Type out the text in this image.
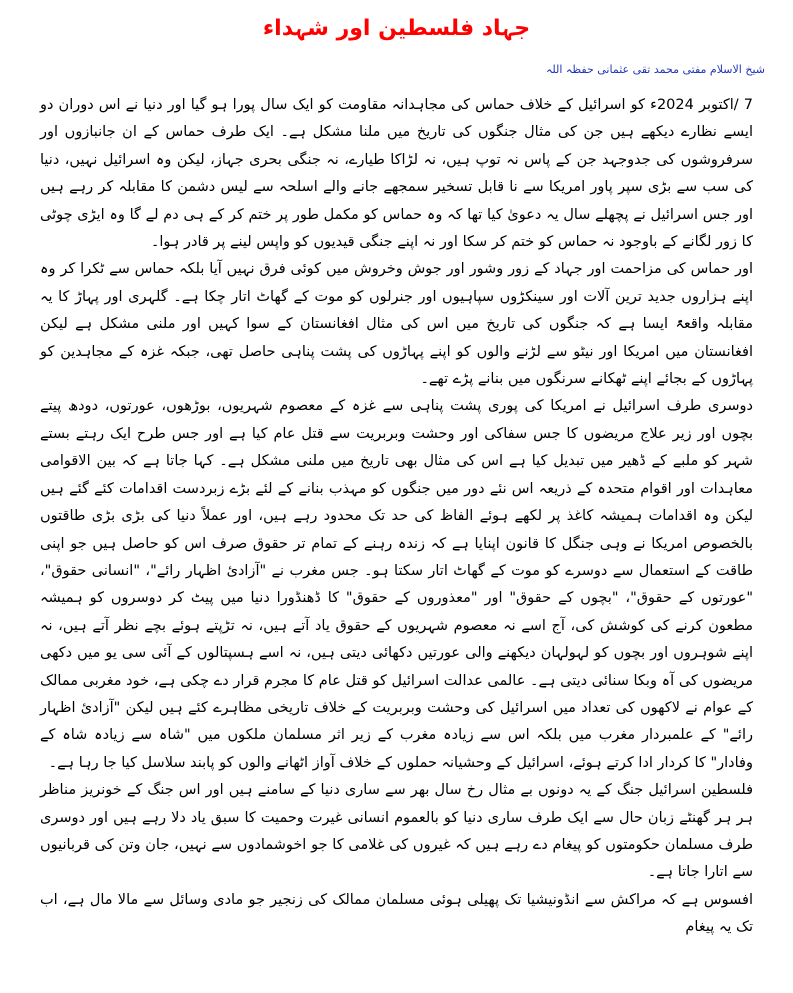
جہاد فلسطین اور شہداء
شیخ الاسلام مفتی محمد تقی عثمانی حفظہ اللہ

7 /اکتوبر 2024ء کو اسرائیل کے خلاف حماس کی مجاہدانہ مقاومت کو ایک سال پورا ہو گیا اور دنیا نے اس دوران دو ایسے نظارے دیکھے ہیں جن کی مثال جنگوں کی تاریخ میں ملنا مشکل ہے۔ ایک طرف حماس کے ان جانبازوں اور سرفروشوں کی جدوجہد جن کے پاس نہ توپ ہیں، نہ لڑاکا طیارے، نہ جنگی بحری جہاز، لیکن وہ اسرائیل نہیں، دنیا کی سب سے بڑی سپر پاور امریکا سے نا قابل تسخیر سمجھے جانے والے اسلحہ سے لیس دشمن کا مقابلہ کر رہے ہیں اور جس اسرائیل نے پچھلے سال یہ دعویٰ کیا تھا کہ وہ حماس کو مکمل طور پر ختم کر کے ہی دم لے گا وہ ایڑی چوٹی کا زور لگانے کے باوجود نہ حماس کو ختم کر سکا اور نہ اپنے جنگی قیدیوں کو واپس لینے پر قادر ہوا۔

اور حماس کی مزاحمت اور جہاد کے زور وشور اور جوش وخروش میں کوئی فرق نہیں آیا بلکہ حماس سے ٹکرا کر وہ اپنے ہزاروں جدید ترین آلات اور سینکڑوں سپاہیوں اور جنرلوں کو موت کے گھاٹ اتار چکا ہے۔ گلہری اور پہاڑ کا یہ مقابلہ واقعۃً ایسا ہے کہ جنگوں کی تاریخ میں اس کی مثال افغانستان کے سوا کہیں اور ملنی مشکل ہے لیکن افغانستان میں امریکا اور نیٹو سے لڑنے والوں کو اپنے پہاڑوں کی پشت پناہی حاصل تھی، جبکہ غزہ کے مجاہدین کو پہاڑوں کے بجائے اپنے ٹھکانے سرنگوں میں بنانے پڑے تھے۔

دوسری طرف اسرائیل نے امریکا کی پوری پشت پناہی سے غزہ کے معصوم شہریوں، بوڑھوں، عورتوں، دودھ پیتے بچوں اور زیر علاج مریضوں کا جس سفاکی اور وحشت وبربریت سے قتل عام کیا ہے اور جس طرح ایک رہتے بستے شہر کو ملبے کے ڈھیر میں تبدیل کیا ہے اس کی مثال بھی تاریخ میں ملنی مشکل ہے۔ کہا جاتا ہے کہ بین الاقوامی معاہدات اور اقوام متحدہ کے ذریعہ اس نئے دور میں جنگوں کو مہذب بنانے کے لئے بڑے زبردست اقدامات کئے گئے ہیں لیکن وہ اقدامات ہمیشہ کاغذ پر لکھے ہوئے الفاظ کی حد تک محدود رہے ہیں، اور عملاً دنیا کی بڑی بڑی طاقتوں بالخصوص امریکا نے وہی جنگل کا قانون اپنایا ہے کہ زندہ رہنے کے تمام تر حقوق صرف اس کو حاصل ہیں جو اپنی طاقت کے استعمال سے دوسرے کو موت کے گھاٹ اتار سکتا ہو۔ جس مغرب نے "آزادیٔ اظہار رائے"، "انسانی حقوق"، "عورتوں کے حقوق"، "بچوں کے حقوق" اور "معذوروں کے حقوق" کا ڈھنڈورا دنیا میں پیٹ کر دوسروں کو ہمیشہ مطعون کرنے کی کوشش کی، آج اسے نہ معصوم شہریوں کے حقوق یاد آتے ہیں، نہ تڑپتے ہوئے بچے نظر آتے ہیں، نہ اپنے شوہروں اور بچوں کو لہولہان دیکھنے والی عورتیں دکھائی دیتی ہیں، نہ اسے ہسپتالوں کے آئی سی یو میں دکھی مریضوں کی آہ وبکا سنائی دیتی ہے۔ عالمی عدالت اسرائیل کو قتل عام کا مجرم قرار دے چکی ہے، خود مغربی ممالک کے عوام نے لاکھوں کی تعداد میں اسرائیل کی وحشت وبربریت کے خلاف تاریخی مظاہرے کئے ہیں لیکن "آزادیٔ اظہار رائے" کے علمبردار مغرب میں بلکہ اس سے زیادہ مغرب کے زیر اثر مسلمان ملکوں میں "شاہ سے زیادہ شاہ کے وفادار" کا کردار ادا کرتے ہوئے، اسرائیل کے وحشیانہ حملوں کے خلاف آواز اٹھانے والوں کو پابند سلاسل کیا جا رہا ہے۔

فلسطین اسرائیل جنگ کے یہ دونوں بے مثال رخ سال بھر سے ساری دنیا کے سامنے ہیں اور اس جنگ کے خونریز مناظر ہر ہر گھنٹے زبان حال سے ایک طرف ساری دنیا کو بالعموم انسانی غیرت وحمیت کا سبق یاد دلا رہے ہیں اور دوسری طرف مسلمان حکومتوں کو پیغام دے رہے ہیں کہ غیروں کی غلامی کا جو اخوشمادوں سے نہیں، جان وتن کی قربانیوں سے اتارا جاتا ہے۔

افسوس ہے کہ مراکش سے انڈونیشیا تک پھیلی ہوئی مسلمان ممالک کی زنجیر جو مادی وسائل سے مالا مال ہے، اب تک یہ پیغام
